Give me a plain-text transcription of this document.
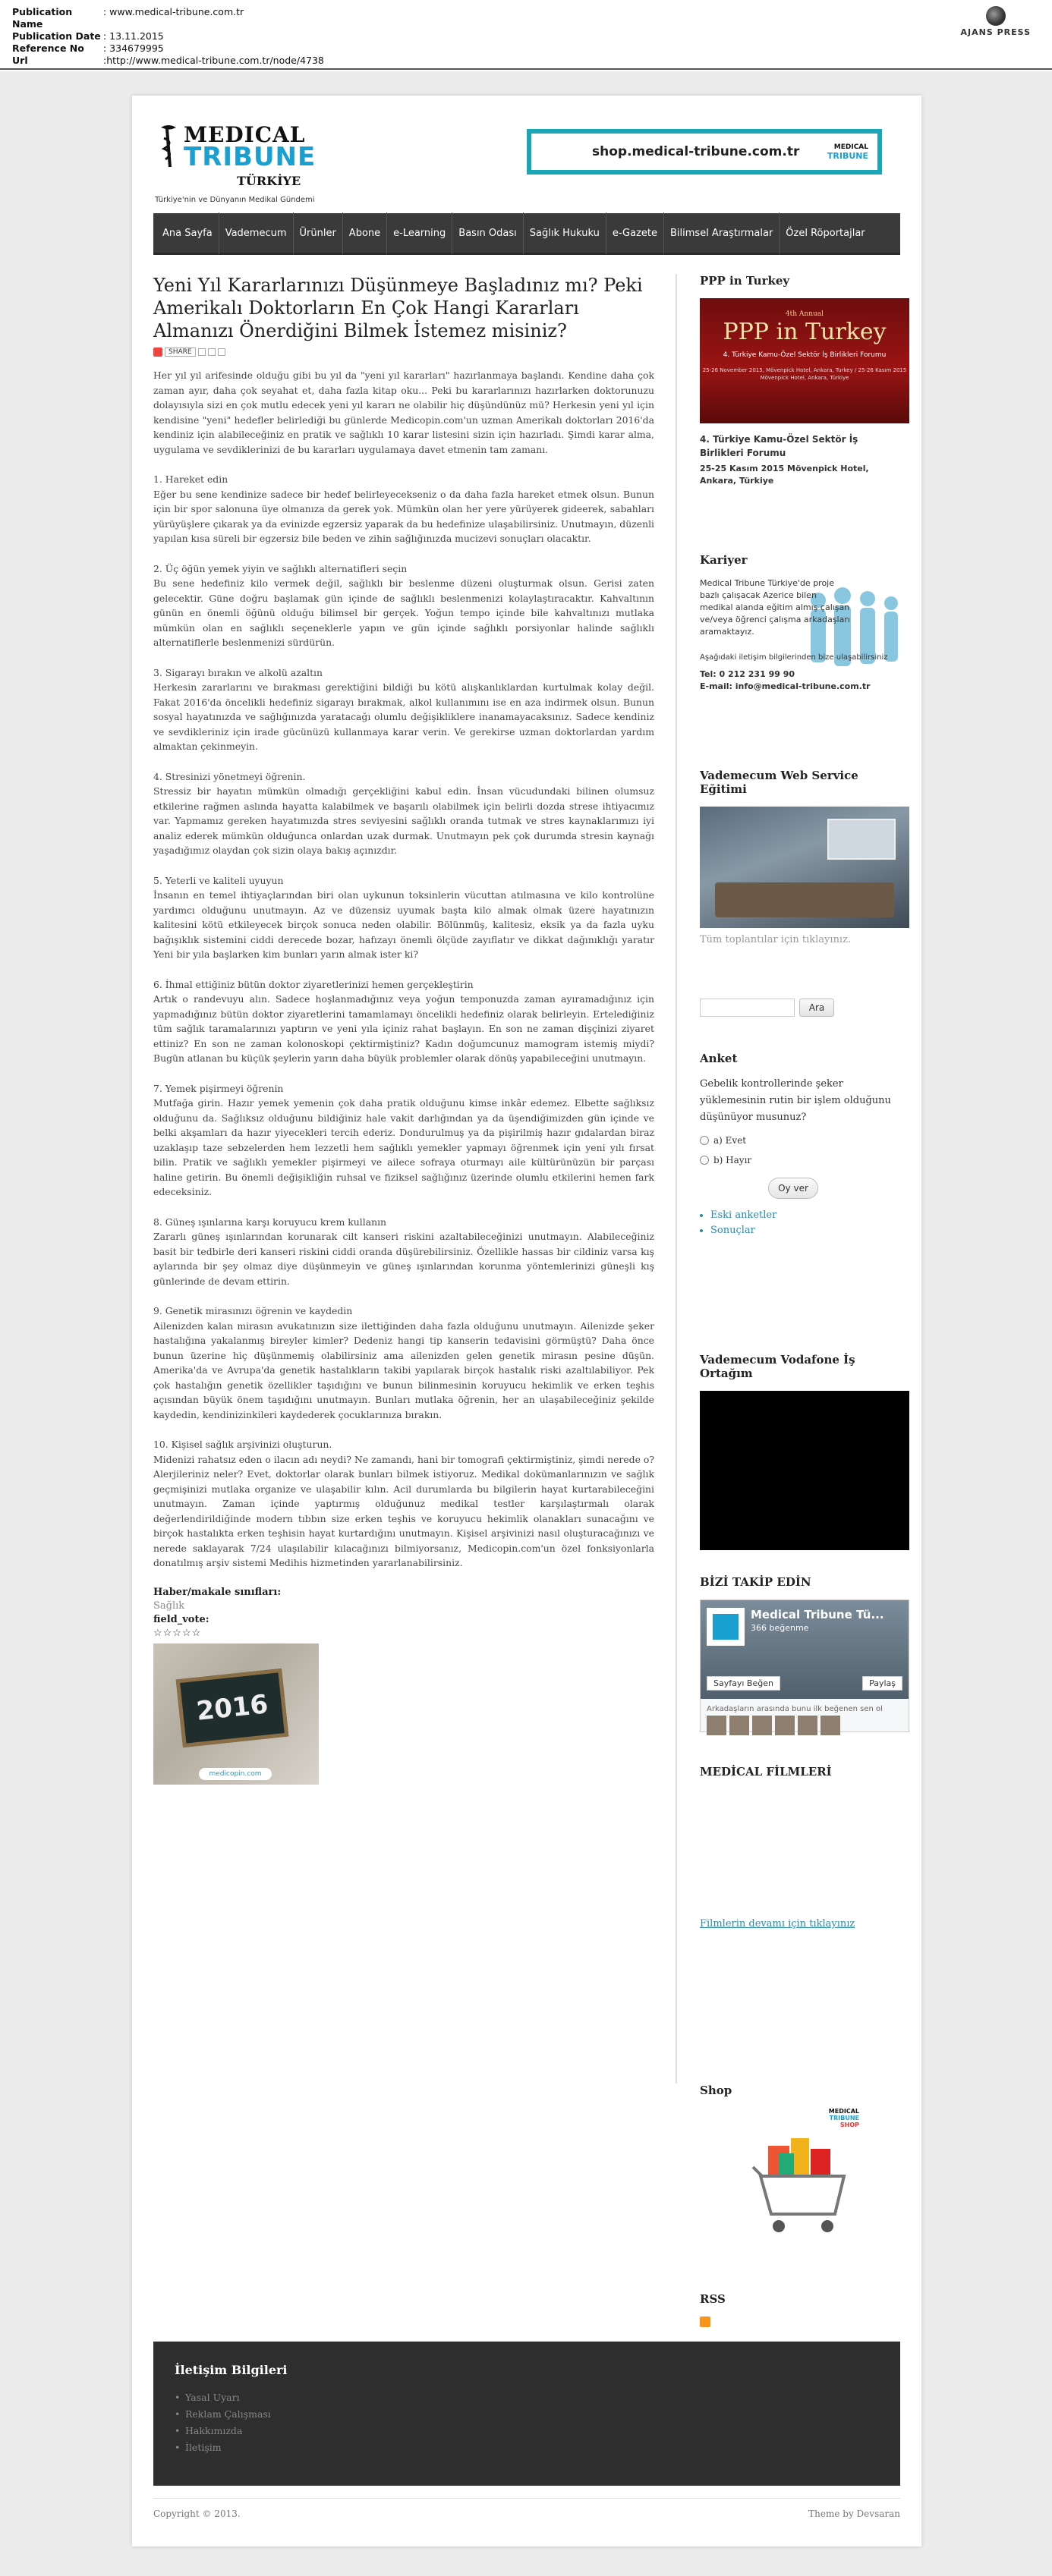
Publication Name
: www.medical-tribune.com.tr
Publication Date : 13.11.2015
Reference No	: 334679995
Url	:http://www.medical-tribune.com.tr/node/4738
AJANS PRESS
MEDICAL
TRIBUNE
TÜRKİYE
Türkiye'nin ve Dünyanın Medikal Gündemi
shop.medical-tribune.com.tr	MEDICAL
TRIBUNE
Ana Sayfa	Vademecum	Ürünler	Abone	e-Learning	Basın Odası	Sağlık Hukuku	e-Gazete	Bilimsel Araştırmalar	Özel Röportajlar
Yeni Yıl Kararlarınızı Düşünmeye Başladınız mı? Peki Amerikalı Doktorların En Çok Hangi Kararları Almanızı Önerdiğini Bilmek İstemez misiniz?
SHARE
Her yıl yıl arifesinde olduğu gibi bu yıl da "yeni yıl kararları" hazırlanmaya başlandı. Kendine daha çok zaman ayır, daha çok seyahat et, daha fazla kitap oku... Peki bu kararlarınızı hazırlarken doktorunuzu dolayısıyla sizi en çok mutlu edecek yeni yıl kararı ne olabilir hiç düşündünüz mü? Herkesin yeni yıl için kendisine "yeni" hedefler belirlediği bu günlerde Medicopin.com'un uzman Amerikalı doktorları 2016'da kendiniz için alabileceğiniz en pratik ve sağlıklı 10 karar listesini sizin için hazırladı. Şimdi karar alma, uygulama ve sevdiklerinizi de bu kararları uygulamaya davet etmenin tam zamanı.
1. Hareket edin
Eğer bu sene kendinize sadece bir hedef belirleyecekseniz o da daha fazla hareket etmek olsun. Bunun için bir spor salonuna üye olmanıza da gerek yok. Mümkün olan her yere yürüyerek gideerek, sabahları yürüyüşlere çıkarak ya da evinizde egzersiz yaparak da bu hedefinize ulaşabilirsiniz. Unutmayın, düzenli yapılan kısa süreli bir egzersiz bile beden ve zihin sağlığınızda mucizevi sonuçları olacaktır.
2. Üç öğün yemek yiyin ve sağlıklı alternatifleri seçin
Bu sene hedefiniz kilo vermek değil, sağlıklı bir beslenme düzeni oluşturmak olsun. Gerisi zaten gelecektir. Güne doğru başlamak gün içinde de sağlıklı beslenmenizi kolaylaştıracaktır. Kahvaltının günün en önemli öğünü olduğu bilimsel bir gerçek. Yoğun tempo içinde bile kahvaltınızı mutlaka mümkün olan en sağlıklı seçeneklerle yapın ve gün içinde sağlıklı porsiyonlar halinde sağlıklı alternatiflerle beslenmenizi sürdürün.
3. Sigarayı bırakın ve alkolü azaltın
Herkesin zararlarını ve bırakması gerektiğini bildiği bu kötü alışkanlıklardan kurtulmak kolay değil. Fakat 2016'da öncelikli hedefiniz sigarayı bırakmak, alkol kullanımını ise en aza indirmek olsun. Bunun sosyal hayatınızda ve sağlığınızda yaratacağı olumlu değişikliklere inanamayacaksınız. Sadece kendiniz ve sevdikleriniz için irade gücünüzü kullanmaya karar verin. Ve gerekirse uzman doktorlardan yardım almaktan çekinmeyin.
4. Stresinizi yönetmeyi öğrenin.
Stressiz bir hayatın mümkün olmadığı gerçekliğini kabul edin. İnsan vücudundaki bilinen olumsuz etkilerine rağmen aslında hayatta kalabilmek ve başarılı olabilmek için belirli dozda strese ihtiyacımız var. Yapmamız gereken hayatımızda stres seviyesini sağlıklı oranda tutmak ve stres kaynaklarımızı iyi analiz ederek mümkün olduğunca onlardan uzak durmak. Unutmayın pek çok durumda stresin kaynağı yaşadığımız olaydan çok sizin olaya bakış açınızdır.
5. Yeterli ve kaliteli uyuyun
İnsanın en temel ihtiyaçlarından biri olan uykunun toksinlerin vücuttan atılmasına ve kilo kontrolüne yardımcı olduğunu unutmayın. Az ve düzensiz uyumak başta kilo almak olmak üzere hayatınızın kalitesini kötü etkileyecek birçok sonuca neden olabilir. Bölünmüş, kalitesiz, eksik ya da fazla uyku bağışıklık sistemini ciddi derecede bozar, hafızayı önemli ölçüde zayıflatır ve dikkat dağınıklığı yaratır Yeni bir yıla başlarken kim bunları yarın almak ister ki?
6. İhmal ettiğiniz bütün doktor ziyaretlerinizi hemen gerçekleştirin
Artık o randevuyu alın. Sadece hoşlanmadığınız veya yoğun temponuzda zaman ayıramadığınız için yapmadığınız bütün doktor ziyaretlerini tamamlamayı öncelikli hedefiniz olarak belirleyin. Ertelediğiniz tüm sağlık taramalarınızı yaptırın ve yeni yıla içiniz rahat başlayın. En son ne zaman dişçinizi ziyaret ettiniz? En son ne zaman kolonoskopi çektirmiştiniz? Kadın doğumcunuz mamogram istemiş miydi? Bugün atlanan bu küçük şeylerin yarın daha büyük problemler olarak dönüş yapabileceğini unutmayın.
7. Yemek pişirmeyi öğrenin
Mutfağa girin. Hazır yemek yemenin çok daha pratik olduğunu kimse inkâr edemez. Elbette sağlıksız olduğunu da. Sağlıksız olduğunu bildiğiniz hale vakit darlığından ya da üşendiğimizden gün içinde ve belki akşamları da hazır yiyecekleri tercih ederiz. Dondurulmuş ya da pişirilmiş hazır gıdalardan biraz uzaklaşıp taze sebzelerden hem lezzetli hem sağlıklı yemekler yapmayı öğrenmek için yeni yılı fırsat bilin. Pratik ve sağlıklı yemekler pişirmeyi ve ailece sofraya oturmayı aile kültürünüzün bir parçası haline getirin. Bu önemli değişikliğin ruhsal ve fiziksel sağlığınız üzerinde olumlu etkilerini hemen fark edeceksiniz.
8. Güneş ışınlarına karşı koruyucu krem kullanın
Zararlı güneş ışınlarından korunarak cilt kanseri riskini azaltabileceğinizi unutmayın. Alabileceğiniz basit bir tedbirle deri kanseri riskini ciddi oranda düşürebilirsiniz. Özellikle hassas bir cildiniz varsa kış aylarında bir şey olmaz diye düşünmeyin ve güneş ışınlarından korunma yöntemlerinizi güneşli kış günlerinde de devam ettirin.
9. Genetik mirasınızı öğrenin ve kaydedin
Ailenizden kalan mirasın avukatınızın size ilettiğinden daha fazla olduğunu unutmayın. Ailenizde şeker hastalığına yakalanmış bireyler kimler? Dedeniz hangi tip kanserin tedavisini görmüştü? Daha önce bunun üzerine hiç düşünmemiş olabilirsiniz ama ailenizden gelen genetik mirasın pesine düşün. Amerika'da ve Avrupa'da genetik hastalıkların takibi yapılarak birçok hastalık riski azaltılabiliyor. Pek çok hastalığın genetik özellikler taşıdığını ve bunun bilinmesinin koruyucu hekimlik ve erken teşhis açısından büyük önem taşıdığını unutmayın. Bunları mutlaka öğrenin, her an ulaşabileceğiniz şekilde kaydedin, kendinizinkileri kaydederek çocuklarınıza bırakın.
10. Kişisel sağlık arşivinizi oluşturun.
Midenizi rahatsız eden o ilacın adı neydi? Ne zamandı, hani bir tomografi çektirmiştiniz, şimdi nerede o? Alerjileriniz neler? Evet, doktorlar olarak bunları bilmek istiyoruz. Medikal dokümanlarınızın ve sağlık geçmişinizi mutlaka organize ve ulaşabilir kılın. Acil durumlarda bu bilgilerin hayat kurtarabileceğini unutmayın. Zaman içinde yaptırmış olduğunuz medikal testler karşılaştırmalı olarak değerlendirildiğinde modern tıbbın size erken teşhis ve koruyucu hekimlik olanakları sunacağını ve birçok hastalıkta erken teşhisin hayat kurtardığını unutmayın. Kişisel arşivinizi nasıl oluşturacağınızı ve nerede saklayarak 7/24 ulaşılabilir kılacağınızı bilmiyorsanız, Medicopin.com'un özel fonksiyonlarla donatılmış arşiv sistemi Medihis hizmetinden yararlanabilirsiniz.
Haber/makale sınıfları:
Sağlık
field_vote:
☆☆☆☆☆
2016
medicopin.com
PPP in Turkey
4th Annual
PPP in Turkey
4. Türkiye Kamu-Özel Sektör İş Birlikleri Forumu
25-26 November 2015, Mövenpick Hotel, Ankara, Turkey / 25-26 Kasım 2015 Mövenpick Hotel, Ankara, Türkiye
4. Türkiye Kamu-Özel Sektör İş Birlikleri Forumu
25-25 Kasım 2015 Mövenpick Hotel, Ankara, Türkiye
Kariyer
Medical Tribune Türkiye'de proje bazlı çalışacak Azerice bilen medikal alanda eğitim almış çalışan ve/veya öğrenci çalışma arkadaşları aramaktayız.
Aşağıdaki iletişim bilgilerinden bize ulaşabilirsiniz
Tel: 0 212 231 99 90
E-mail: info@medical-tribune.com.tr
Vademecum Web Service Eğitimi
Tüm toplantılar için tıklayınız.
Ara
Anket
Gebelik kontrollerinde şeker yüklemesinin rutin bir işlem olduğunu düşünüyor musunuz?
a) Evet
b) Hayır
Oy ver
• Eski anketler
• Sonuçlar
Vademecum Vodafone İş Ortağım
BİZİ TAKİP EDİN
Medical Tribune Tü...
366 beğenme
Sayfayı Beğen	Paylaş
Arkadaşların arasında bunu ilk beğenen sen ol
MEDİCAL FİLMLERİ
Filmlerin devamı için tıklayınız
Shop
MEDICAL
TRIBUNE
SHOP
RSS
İletişim Bilgileri
• Yasal Uyarı
• Reklam Çalışması
• Hakkımızda
• İletişim
Copyright © 2013.	Theme by Devsaran
